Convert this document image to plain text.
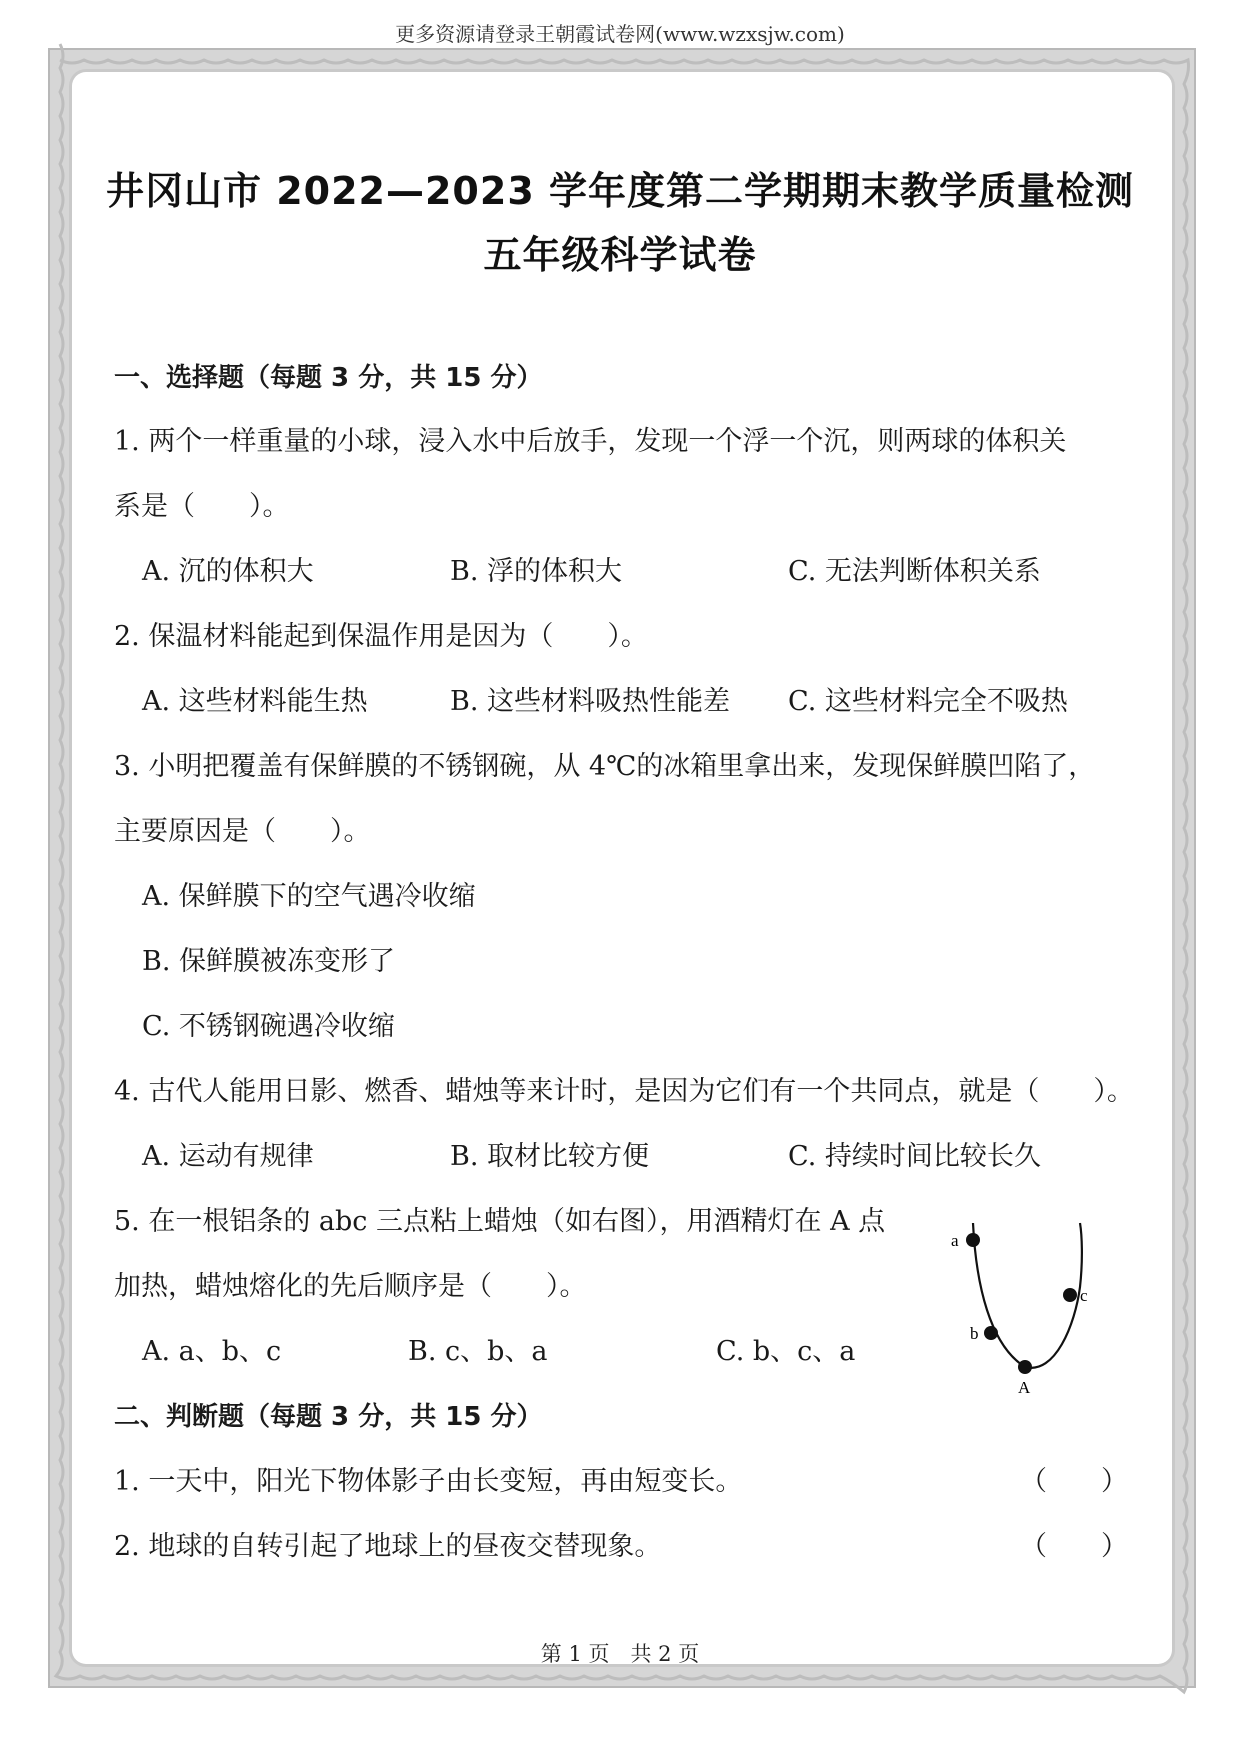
更多资源请登录王朝霞试卷网(www.wzxsjw.com)
井冈山市 2022—2023 学年度第二学期期末教学质量检测
五年级科学试卷
一、选择题（每题 3 分，共 15 分）
1. 两个一样重量的小球，浸入水中后放手，发现一个浮一个沉，则两球的体积关
系是（　　）。
A. 沉的体积大	B. 浮的体积大	C. 无法判断体积关系
2. 保温材料能起到保温作用是因为（　　）。
A. 这些材料能生热	B. 这些材料吸热性能差 C. 这些材料完全不吸热
3. 小明把覆盖有保鲜膜的不锈钢碗，从 4℃的冰箱里拿出来，发现保鲜膜凹陷了，
主要原因是（　　）。
A. 保鲜膜下的空气遇冷收缩
B. 保鲜膜被冻变形了
C. 不锈钢碗遇冷收缩
4. 古代人能用日影、燃香、蜡烛等来计时，是因为它们有一个共同点，就是（　　）。
A. 运动有规律	B. 取材比较方便	C. 持续时间比较长久
5. 在一根铝条的 abc 三点粘上蜡烛（如右图），用酒精灯在 A 点
加热，蜡烛熔化的先后顺序是（　　）。
A. a、b、c	B. c、b、a	C. b、c、a
a
b
c
A
二、判断题（每题 3 分，共 15 分）
1. 一天中，阳光下物体影子由长变短，再由短变长。	（　　）
2. 地球的自转引起了地球上的昼夜交替现象。	（　　）
第 1 页　共 2 页
